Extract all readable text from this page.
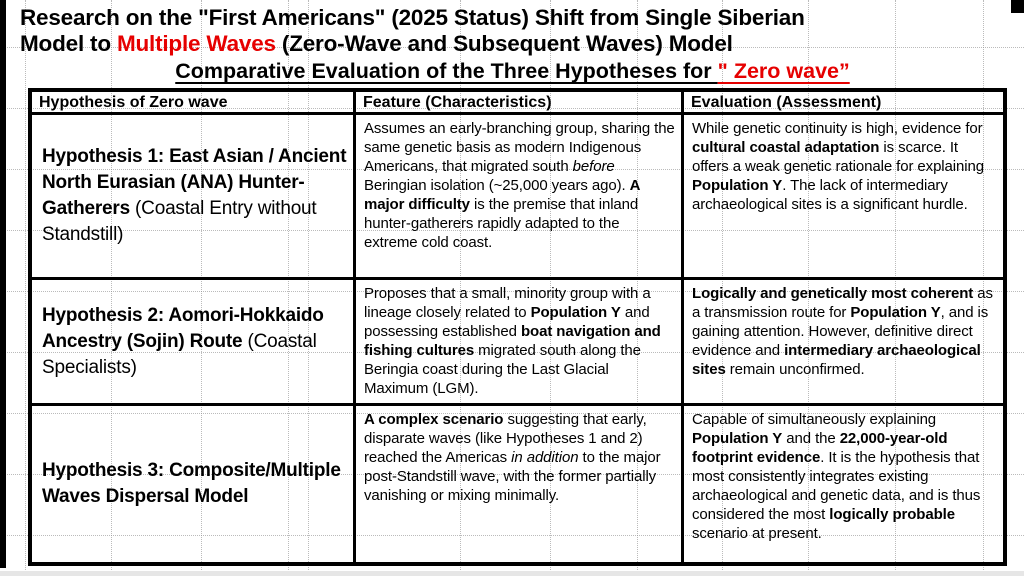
Research on the "First Americans" (2025 Status) Shift from Single Siberian
Model to Multiple Waves (Zero-Wave and Subsequent Waves) Model
Comparative Evaluation of the Three Hypotheses for " Zero wave”
Hypothesis of Zero wave	Feature (Characteristics)	Evaluation (Assessment)
Hypothesis 1: East Asian / Ancient North Eurasian (ANA) Hunter-Gatherers (Coastal Entry without Standstill)
Assumes an early-branching group, sharing the same genetic basis as modern Indigenous Americans, that migrated south before Beringian isolation (~25,000 years ago). A major difficulty is the premise that inland hunter-gatherers rapidly adapted to the extreme cold coast.
While genetic continuity is high, evidence for cultural coastal adaptation is scarce. It offers a weak genetic rationale for explaining Population Y. The lack of intermediary archaeological sites is a significant hurdle.
Hypothesis 2: Aomori-Hokkaido Ancestry (Sojin) Route (Coastal Specialists)
Proposes that a small, minority group with a lineage closely related to Population Y and possessing established boat navigation and fishing cultures migrated south along the Beringia coast during the Last Glacial Maximum (LGM).
Logically and genetically most coherent as a transmission route for Population Y, and is gaining attention. However, definitive direct evidence and intermediary archaeological sites remain unconfirmed.
Hypothesis 3: Composite/Multiple Waves Dispersal Model
A complex scenario suggesting that early, disparate waves (like Hypotheses 1 and 2) reached the Americas in addition to the major post-Standstill wave, with the former partially vanishing or mixing minimally.
Capable of simultaneously explaining Population Y and the 22,000-year-old footprint evidence. It is the hypothesis that most consistently integrates existing archaeological and genetic data, and is thus considered the most logically probable scenario at present.
